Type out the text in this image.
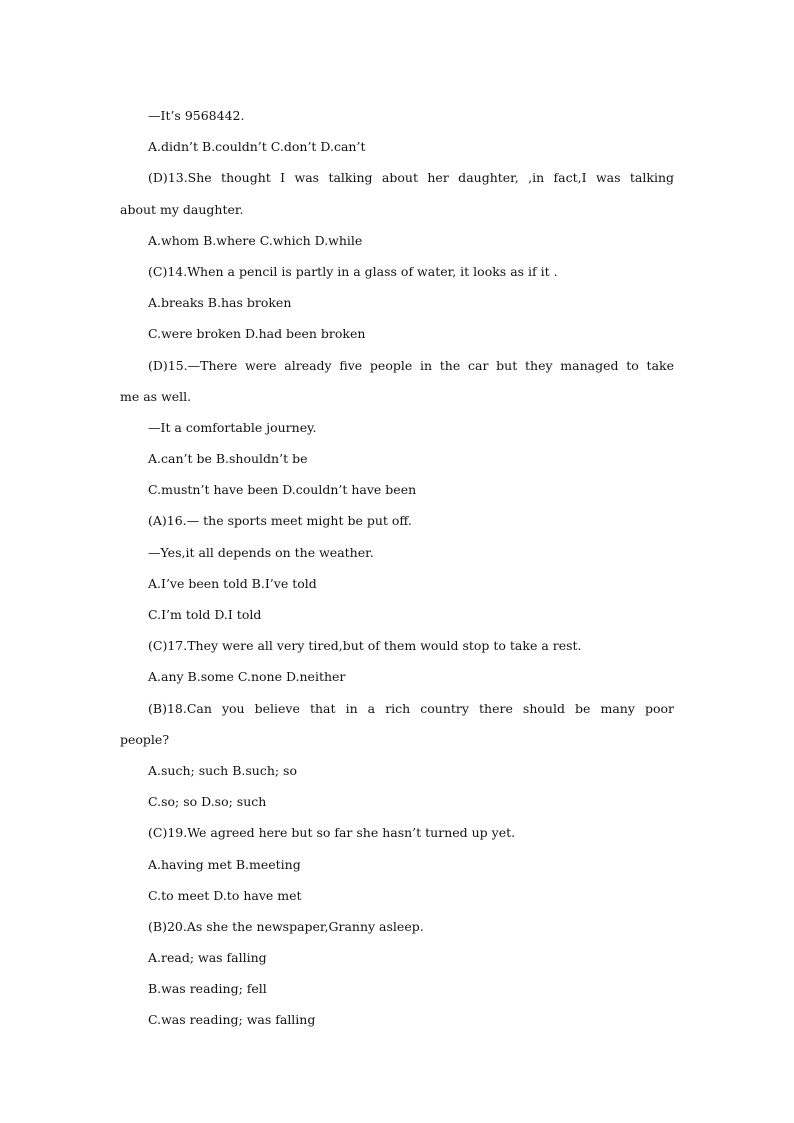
—It’s 9568442.
A.didn’t B.couldn’t C.don’t D.can’t
(D)13.She thought I was talking about her daughter, ,in fact,I was talking
about my daughter.
A.whom B.where C.which D.while
(C)14.When a pencil is partly in a glass of water, it looks as if it .
A.breaks B.has broken
C.were broken D.had been broken
(D)15.—There were already five people in the car but they managed to take
me as well.
—It a comfortable journey.
A.can’t be B.shouldn’t be
C.mustn’t have been D.couldn’t have been
(A)16.— the sports meet might be put off.
—Yes,it all depends on the weather.
A.I’ve been told B.I’ve told
C.I’m told D.I told
(C)17.They were all very tired,but of them would stop to take a rest.
A.any B.some C.none D.neither
(B)18.Can you believe that in a rich country there should be many poor
people?
A.such; such B.such; so
C.so; so D.so; such
(C)19.We agreed here but so far she hasn’t turned up yet.
A.having met B.meeting
C.to meet D.to have met
(B)20.As she the newspaper,Granny asleep.
A.read; was falling
B.was reading; fell
C.was reading; was falling
